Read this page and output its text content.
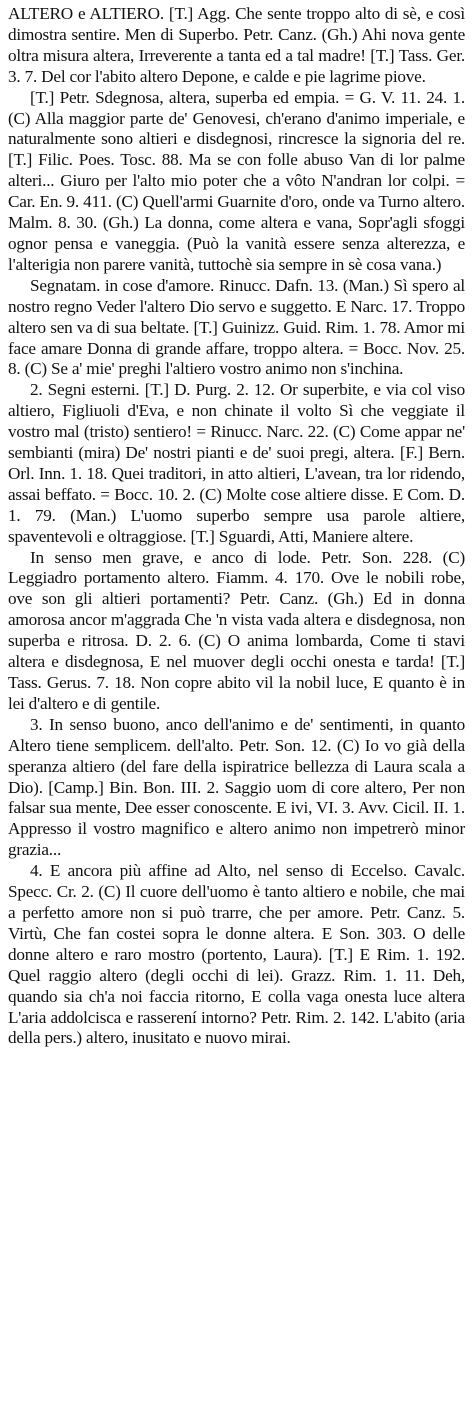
ALTERO e ALTIERO. [T.] Agg. Che sente troppo alto di sè, e così dimostra sentire. Men di Superbo. Petr. Canz. (Gh.) Ahi nova gente oltra misura altera, Irreverente a tanta ed a tal madre! [T.] Tass. Ger. 3. 7. Del cor l'abito altero Depone, e calde e pie lagrime piove.

[T.] Petr. Sdegnosa, altera, superba ed empia. = G. V. 11. 24. 1. (C) Alla maggior parte de' Genovesi, ch'erano d'animo imperiale, e naturalmente sono altieri e disdegnosi, rincresce la signoria del re. [T.] Filic. Poes. Tosc. 88. Ma se con folle abuso Van di lor palme alteri... Giuro per l'alto mio poter che a vôto N'andran lor colpi. = Car. En. 9. 411. (C) Quell'armi Guarnite d'oro, onde va Turno altero. Malm. 8. 30. (Gh.) La donna, come altera e vana, Sopr'agli sfoggi ognor pensa e vaneggia. (Può la vanità essere senza alterezza, e l'alterigia non parere vanità, tuttochè sia sempre in sè cosa vana.)

Segnatam. in cose d'amore. Rinucc. Dafn. 13. (Man.) Sì spero al nostro regno Veder l'altero Dio servo e suggetto. E Narc. 17. Troppo altero sen va di sua beltate. [T.] Guinizz. Guid. Rim. 1. 78. Amor mi face amare Donna di grande affare, troppo altera. = Bocc. Nov. 25. 8. (C) Se a' mie' preghi l'altiero vostro animo non s'inchina.

2. Segni esterni. [T.] D. Purg. 2. 12. Or superbite, e via col viso altiero, Figliuoli d'Eva, e non chinate il volto Sì che veggiate il vostro mal (tristo) sentiero! = Rinucc. Narc. 22. (C) Come appar ne' sembianti (mira) De' nostri pianti e de' suoi pregi, altera. [F.] Bern. Orl. Inn. 1. 18. Quei traditori, in atto altieri, L'avean, tra lor ridendo, assai beffato. = Bocc. 10. 2. (C) Molte cose altiere disse. E Com. D. 1. 79. (Man.) L'uomo superbo sempre usa parole altiere, spaventevoli e oltraggiose. [T.] Sguardi, Atti, Maniere altere.

In senso men grave, e anco di lode. Petr. Son. 228. (C) Leggiadro portamento altero. Fiamm. 4. 170. Ove le nobili robe, ove son gli altieri portamenti? Petr. Canz. (Gh.) Ed in donna amorosa ancor m'aggrada Che 'n vista vada altera e disdegnosa, non superba e ritrosa. D. 2. 6. (C) O anima lombarda, Come ti stavi altera e disdegnosa, E nel muover degli occhi onesta e tarda! [T.] Tass. Gerus. 7. 18. Non copre abito vil la nobil luce, E quanto è in lei d'altero e di gentile.

3. In senso buono, anco dell'animo e de' sentimenti, in quanto Altero tiene semplicem. dell'alto. Petr. Son. 12. (C) Io vo già della speranza altiero (del fare della ispiratrice bellezza di Laura scala a Dio). [Camp.] Bin. Bon. III. 2. Saggio uom di core altero, Per non falsar sua mente, Dee esser conoscente. E ivi, VI. 3. Avv. Cicil. II. 1. Appresso il vostro magnifico e altero animo non impetrerò minor grazia...

4. E ancora più affine ad Alto, nel senso di Eccelso. Cavalc. Specc. Cr. 2. (C) Il cuore dell'uomo è tanto altiero e nobile, che mai a perfetto amore non si può trarre, che per amore. Petr. Canz. 5. Virtù, Che fan costei sopra le donne altera. E Son. 303. O delle donne altero e raro mostro (portento, Laura). [T.] E Rim. 1. 192. Quel raggio altero (degli occhi di lei). Grazz. Rim. 1. 11. Deh, quando sia ch'a noi faccia ritorno, E colla vaga onesta luce altera L'aria addolcisca e rasserení intorno? Petr. Rim. 2. 142. L'abito (aria della pers.) altero, inusitato e nuovo mirai.
